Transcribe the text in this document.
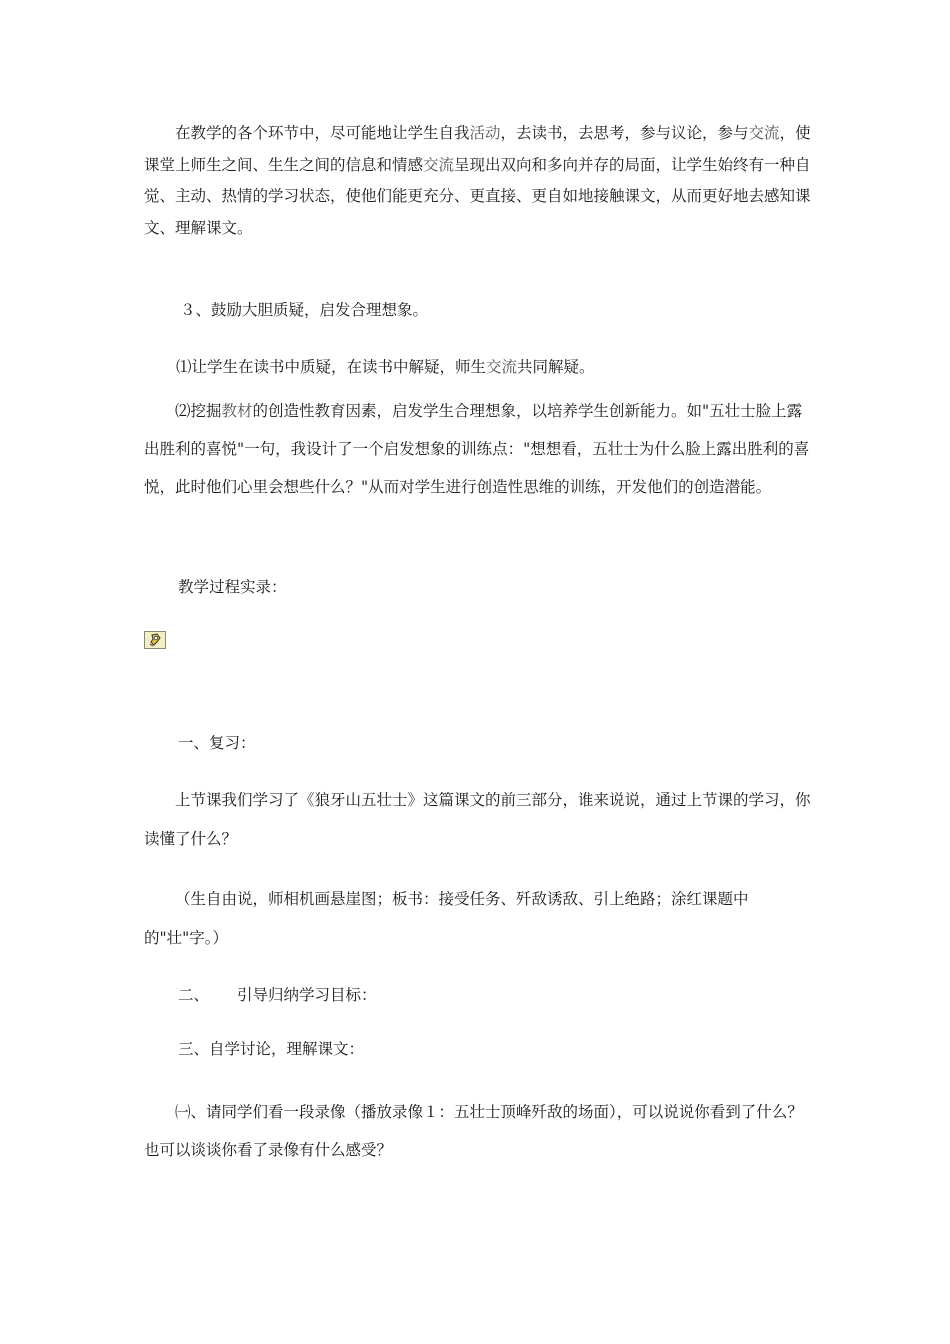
在教学的各个环节中，尽可能地让学生自我活动，去读书，去思考，参与议论，参与交流，使课堂上师生之间、生生之间的信息和情感交流呈现出双向和多向并存的局面，让学生始终有一种自觉、主动、热情的学习状态，使他们能更充分、更直接、更自如地接触课文，从而更好地去感知课文、理解课文。

３、鼓励大胆质疑，启发合理想象。

⑴让学生在读书中质疑，在读书中解疑，师生交流共同解疑。

⑵挖掘教材的创造性教育因素，启发学生合理想象，以培养学生创新能力。如"五壮士脸上露出胜利的喜悦"一句，我设计了一个启发想象的训练点："想想看，五壮士为什么脸上露出胜利的喜悦，此时他们心里会想些什么？"从而对学生进行创造性思维的训练，开发他们的创造潜能。

教学过程实录：

一、复习：

上节课我们学习了《狼牙山五壮士》这篇课文的前三部分，谁来说说，通过上节课的学习，你读懂了什么？

（生自由说，师相机画悬崖图；板书：接受任务、歼敌诱敌、引上绝路；涂红课题中的"壮"字。）

二、 引导归纳学习目标：

三、自学讨论，理解课文：

㈠、请同学们看一段录像（播放录像１：五壮士顶峰歼敌的场面），可以说说你看到了什么？也可以谈谈你看了录像有什么感受？
